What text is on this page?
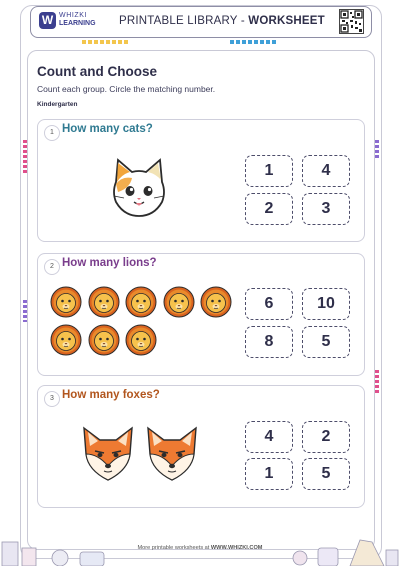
W WHIZKI
LEARNING PRINTABLE LIBRARY - WORKSHEET
Count and Choose
Count each group. Circle the matching number.
Kindergarten
1 How many cats?
1	4
2	3
2 How many lions?
6	10
8	5
3 How many foxes?
4	2
1	5
More printable worksheets at WWW.WHIZKI.COM
